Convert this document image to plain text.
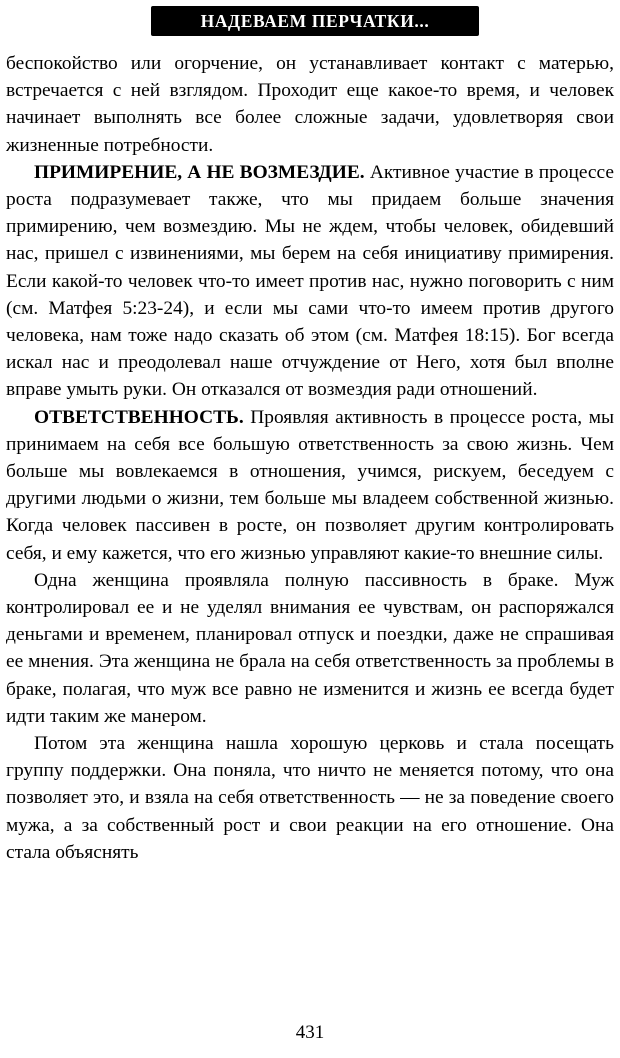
НАДЕВАЕМ ПЕРЧАТКИ...

беспокойство или огорчение, он устанавливает контакт с матерью, встречается с ней взглядом. Проходит еще какое-то время, и человек начинает выполнять все более сложные задачи, удовлетворяя свои жизненные потребности.

ПРИМИРЕНИЕ, А НЕ ВОЗМЕЗДИЕ. Активное участие в процессе роста подразумевает также, что мы придаем больше значения примирению, чем возмездию. Мы не ждем, чтобы человек, обидевший нас, пришел с извинениями, мы берем на себя инициативу примирения. Если какой-то человек что-то имеет против нас, нужно поговорить с ним (см. Матфея 5:23-24), и если мы сами что-то имеем против другого человека, нам тоже надо сказать об этом (см. Матфея 18:15). Бог всегда искал нас и преодолевал наше отчуждение от Него, хотя был вполне вправе умыть руки. Он отказался от возмездия ради отношений.

ОТВЕТСТВЕННОСТЬ. Проявляя активность в процессе роста, мы принимаем на себя все большую ответственность за свою жизнь. Чем больше мы вовлекаемся в отношения, учимся, рискуем, беседуем с другими людьми о жизни, тем больше мы владеем собственной жизнью. Когда человек пассивен в росте, он позволяет другим контролировать себя, и ему кажется, что его жизнью управляют какие-то внешние силы.

Одна женщина проявляла полную пассивность в браке. Муж контролировал ее и не уделял внимания ее чувствам, он распоряжался деньгами и временем, планировал отпуск и поездки, даже не спрашивая ее мнения. Эта женщина не брала на себя ответственность за проблемы в браке, полагая, что муж все равно не изменится и жизнь ее всегда будет идти таким же манером.

Потом эта женщина нашла хорошую церковь и стала посещать группу поддержки. Она поняла, что ничто не меняется потому, что она позволяет это, и взяла на себя ответственность — не за поведение своего мужа, а за собственный рост и свои реакции на его отношение. Она стала объяснять

431
